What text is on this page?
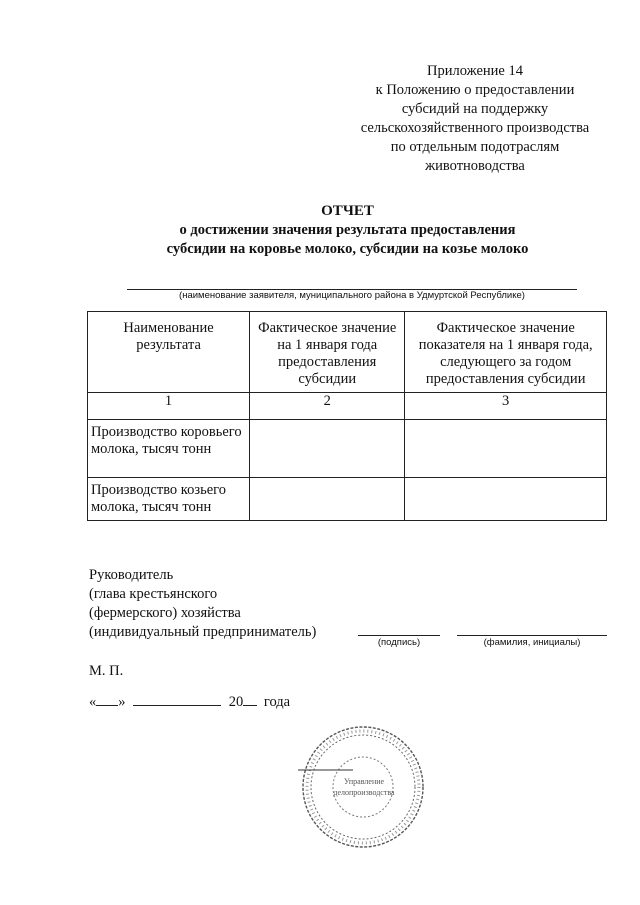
Приложение 14
к Положению о предоставлении
субсидий на поддержку
сельскохозяйственного производства
по отдельным подотраслям
животноводства
ОТЧЕТ
о достижении значения результата предоставления
субсидии на коровье молоко, субсидии на козье молоко
(наименование заявителя, муниципального района в Удмуртской Республике)
Наименование результата	Фактическое значение на 1 января года предоставления субсидии	Фактическое значение показателя на 1 января года, следующего за годом предоставления субсидии
1	2	3
Производство коровьего молока, тысяч тонн		
Производство козьего молока, тысяч тонн		
Руководитель
(глава крестьянского
(фермерского) хозяйства
(индивидуальный предприниматель)
(подпись)	(фамилия, инициалы)
М. П.
« »	20 года
Управление
делопроизводства
